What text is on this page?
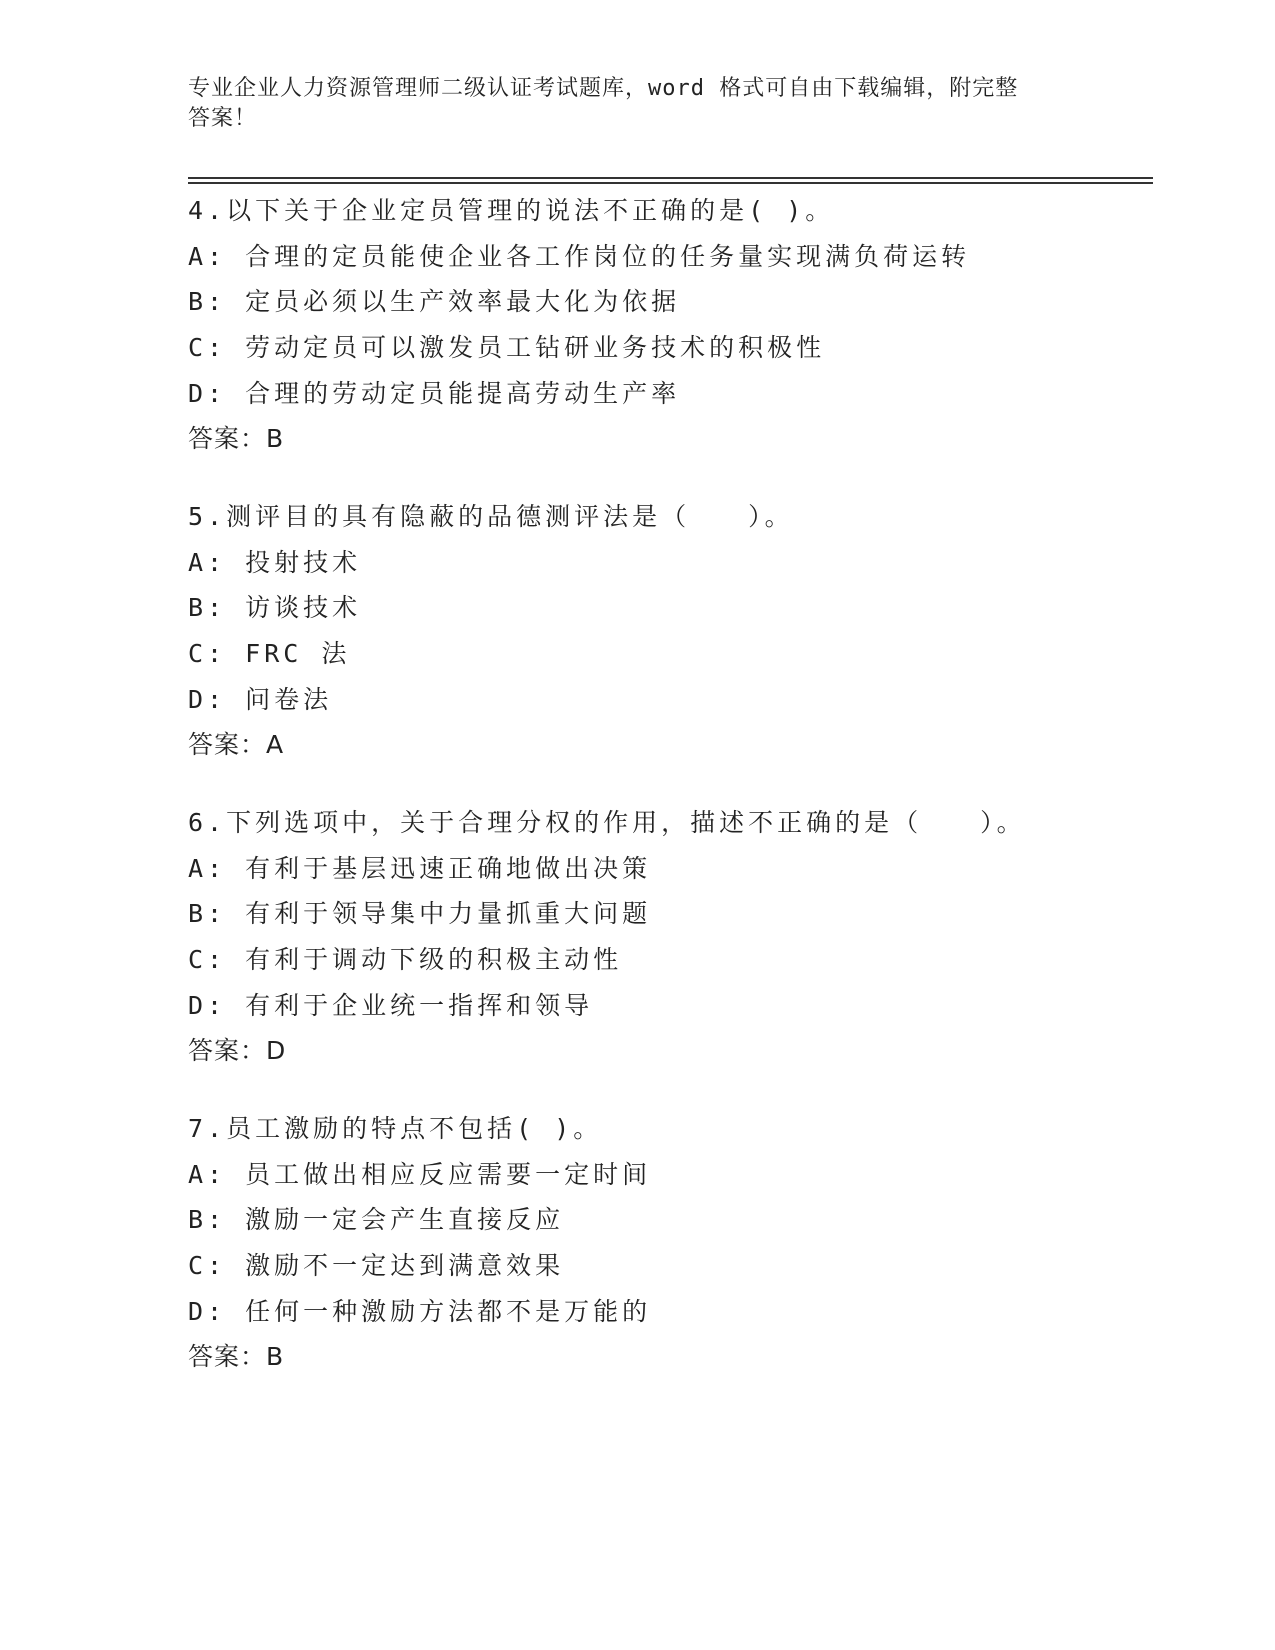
专业企业人力资源管理师二级认证考试题库，word 格式可自由下载编辑，附完整
答案！
4.以下关于企业定员管理的说法不正确的是( )。
A: 合理的定员能使企业各工作岗位的任务量实现满负荷运转
B: 定员必须以生产效率最大化为依据
C: 劳动定员可以激发员工钻研业务技术的积极性
D: 合理的劳动定员能提高劳动生产率
答案：B
5.测评目的具有隐蔽的品德测评法是（　　）。
A: 投射技术
B: 访谈技术
C: FRC 法
D: 问卷法
答案：A
6.下列选项中，关于合理分权的作用，描述不正确的是（　　）。
A: 有利于基层迅速正确地做出决策
B: 有利于领导集中力量抓重大问题
C: 有利于调动下级的积极主动性
D: 有利于企业统一指挥和领导
答案：D
7.员工激励的特点不包括( )。
A: 员工做出相应反应需要一定时间
B: 激励一定会产生直接反应
C: 激励不一定达到满意效果
D: 任何一种激励方法都不是万能的
答案：B
